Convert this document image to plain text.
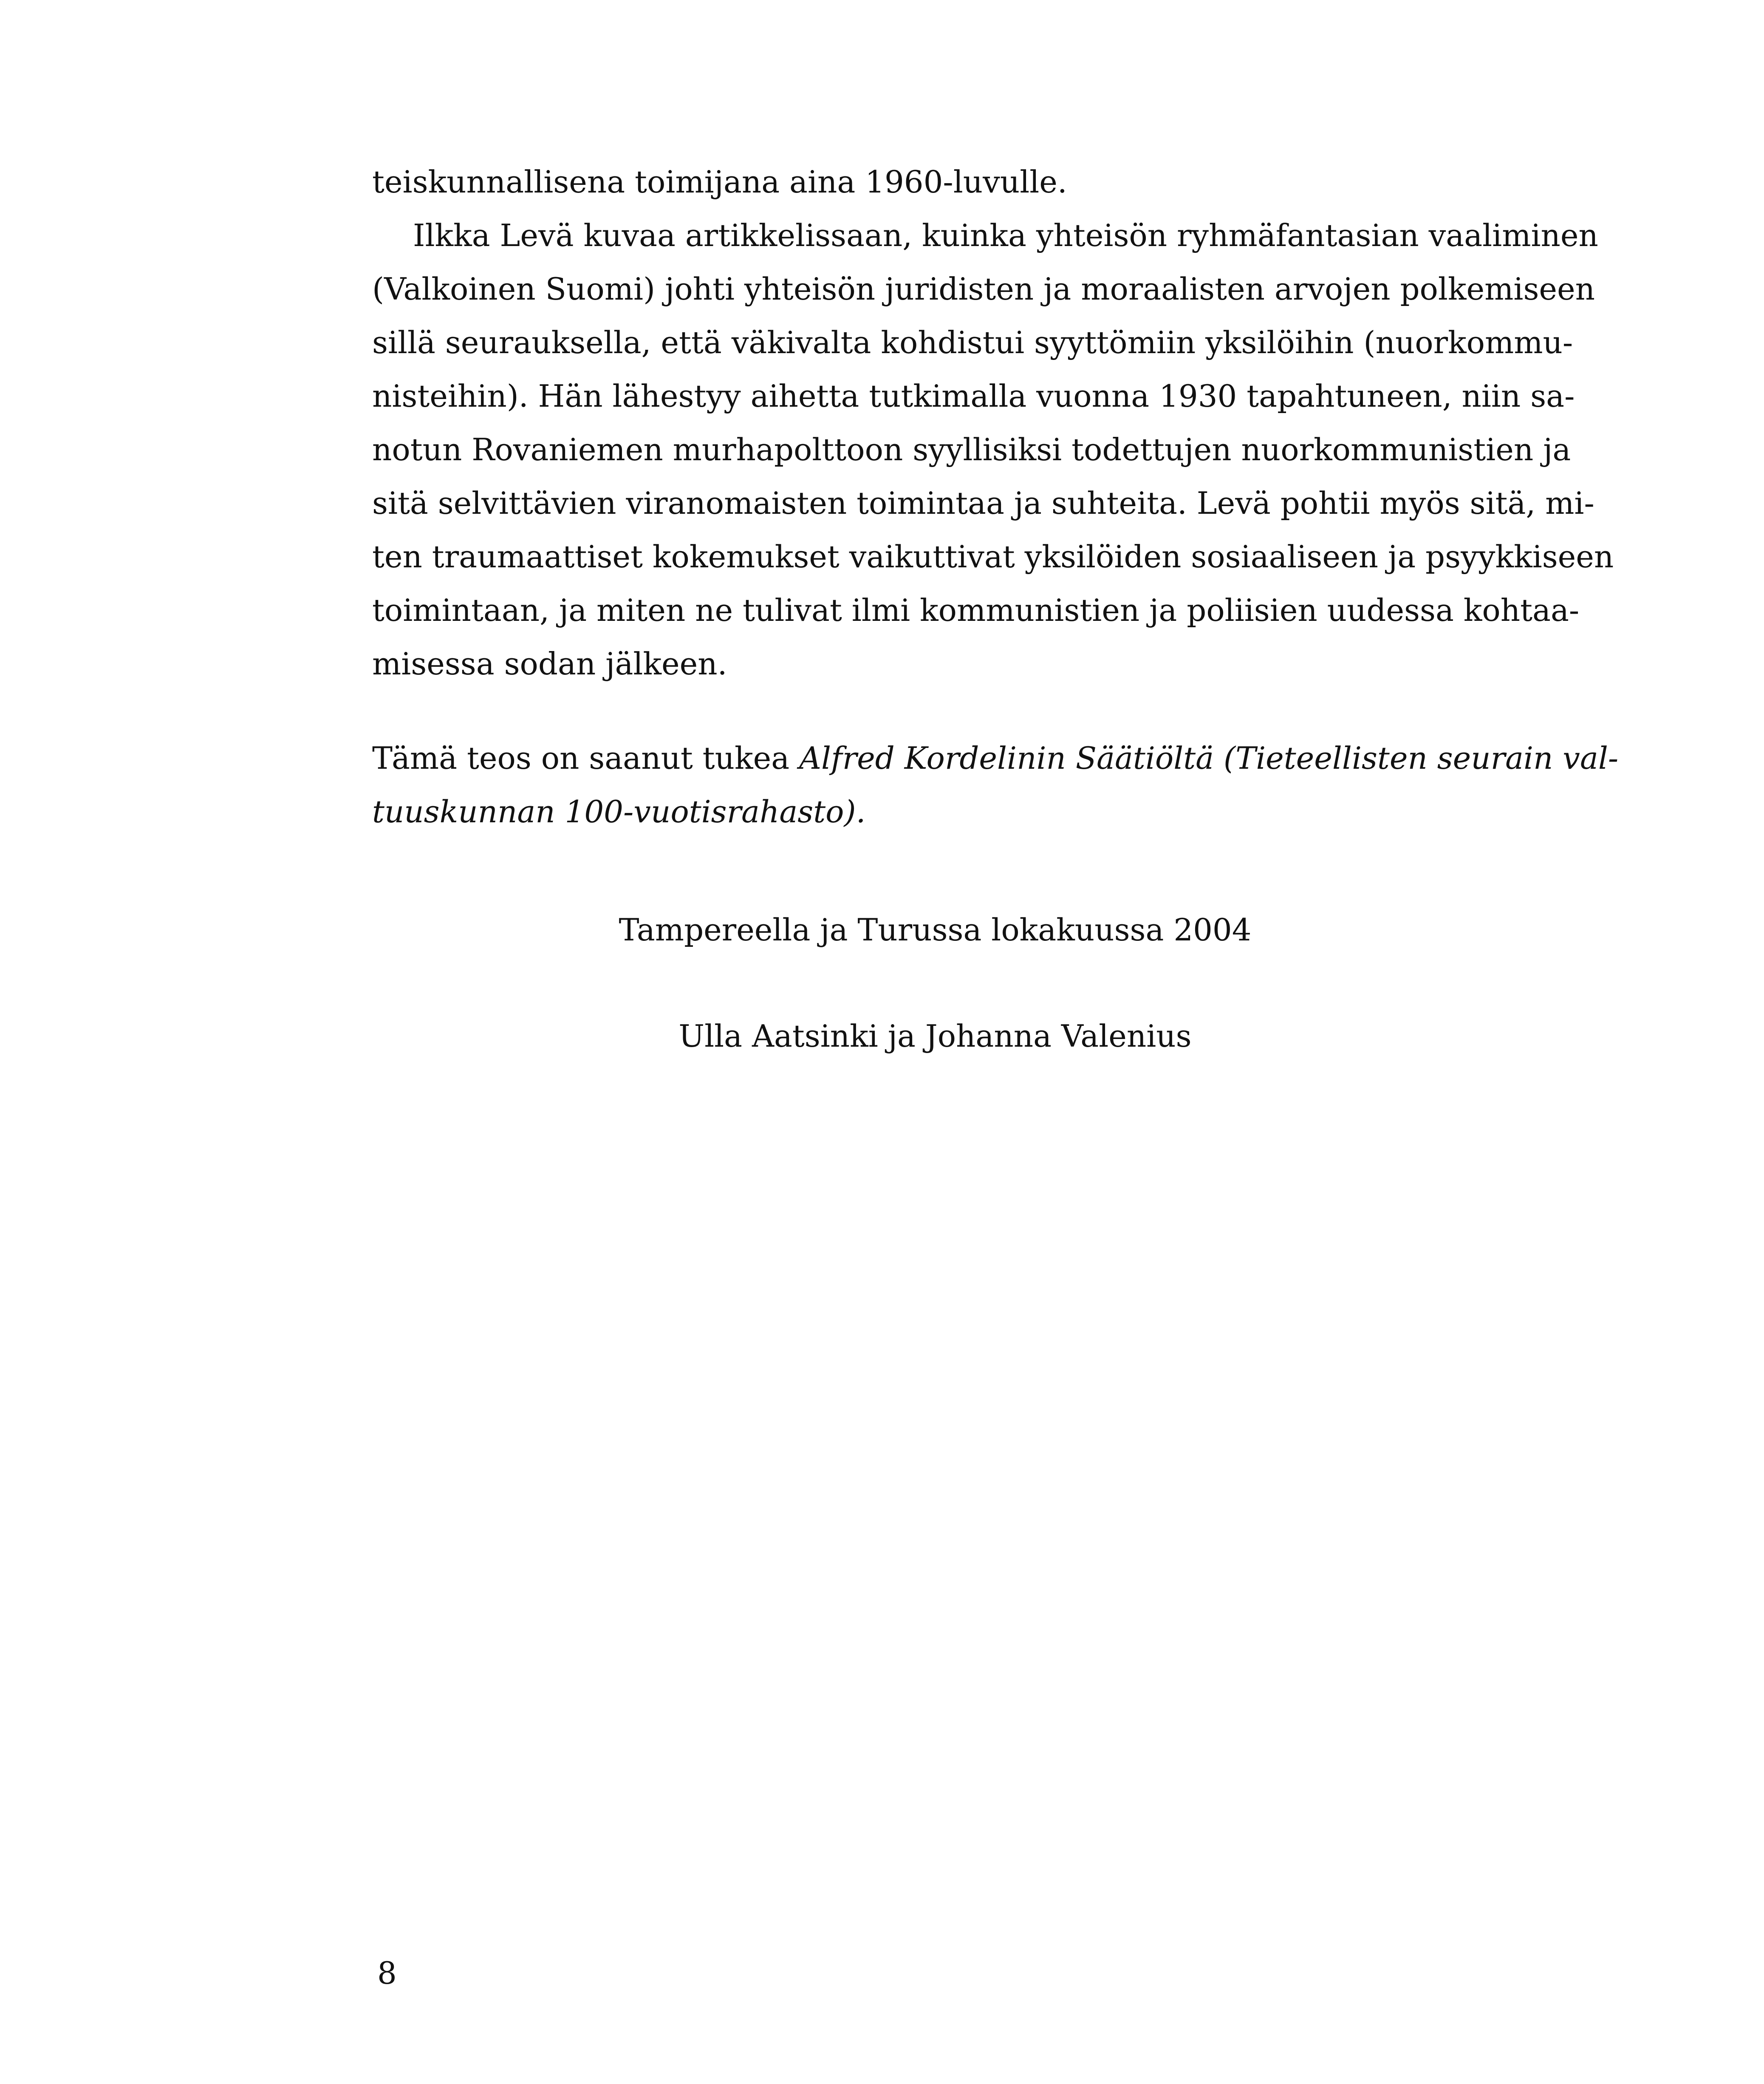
teiskunnallisena toimijana aina 1960-luvulle.
Ilkka Levä kuvaa artikkelissaan, kuinka yhteisön ryhmäfantasian vaaliminen
(Valkoinen Suomi) johti yhteisön juridisten ja moraalisten arvojen polkemiseen
sillä seurauksella, että väkivalta kohdistui syyttömiin yksilöihin (nuorkommu-
nisteihin). Hän lähestyy aihetta tutkimalla vuonna 1930 tapahtuneen, niin sa-
notun Rovaniemen murhapolttoon syyllisiksi todettujen nuorkommunistien ja
sitä selvittävien viranomaisten toimintaa ja suhteita. Levä pohtii myös sitä, mi-
ten traumaattiset kokemukset vaikuttivat yksilöiden sosiaaliseen ja psyykkiseen
toimintaan, ja miten ne tulivat ilmi kommunistien ja poliisien uudessa kohtaa-
misessa sodan jälkeen.
Tämä teos on saanut tukea Alfred Kordelinin Säätiöltä (Tieteellisten seurain val-
tuuskunnan 100-vuotisrahasto).
Tampereella ja Turussa lokakuussa 2004
Ulla Aatsinki ja Johanna Valenius
8
